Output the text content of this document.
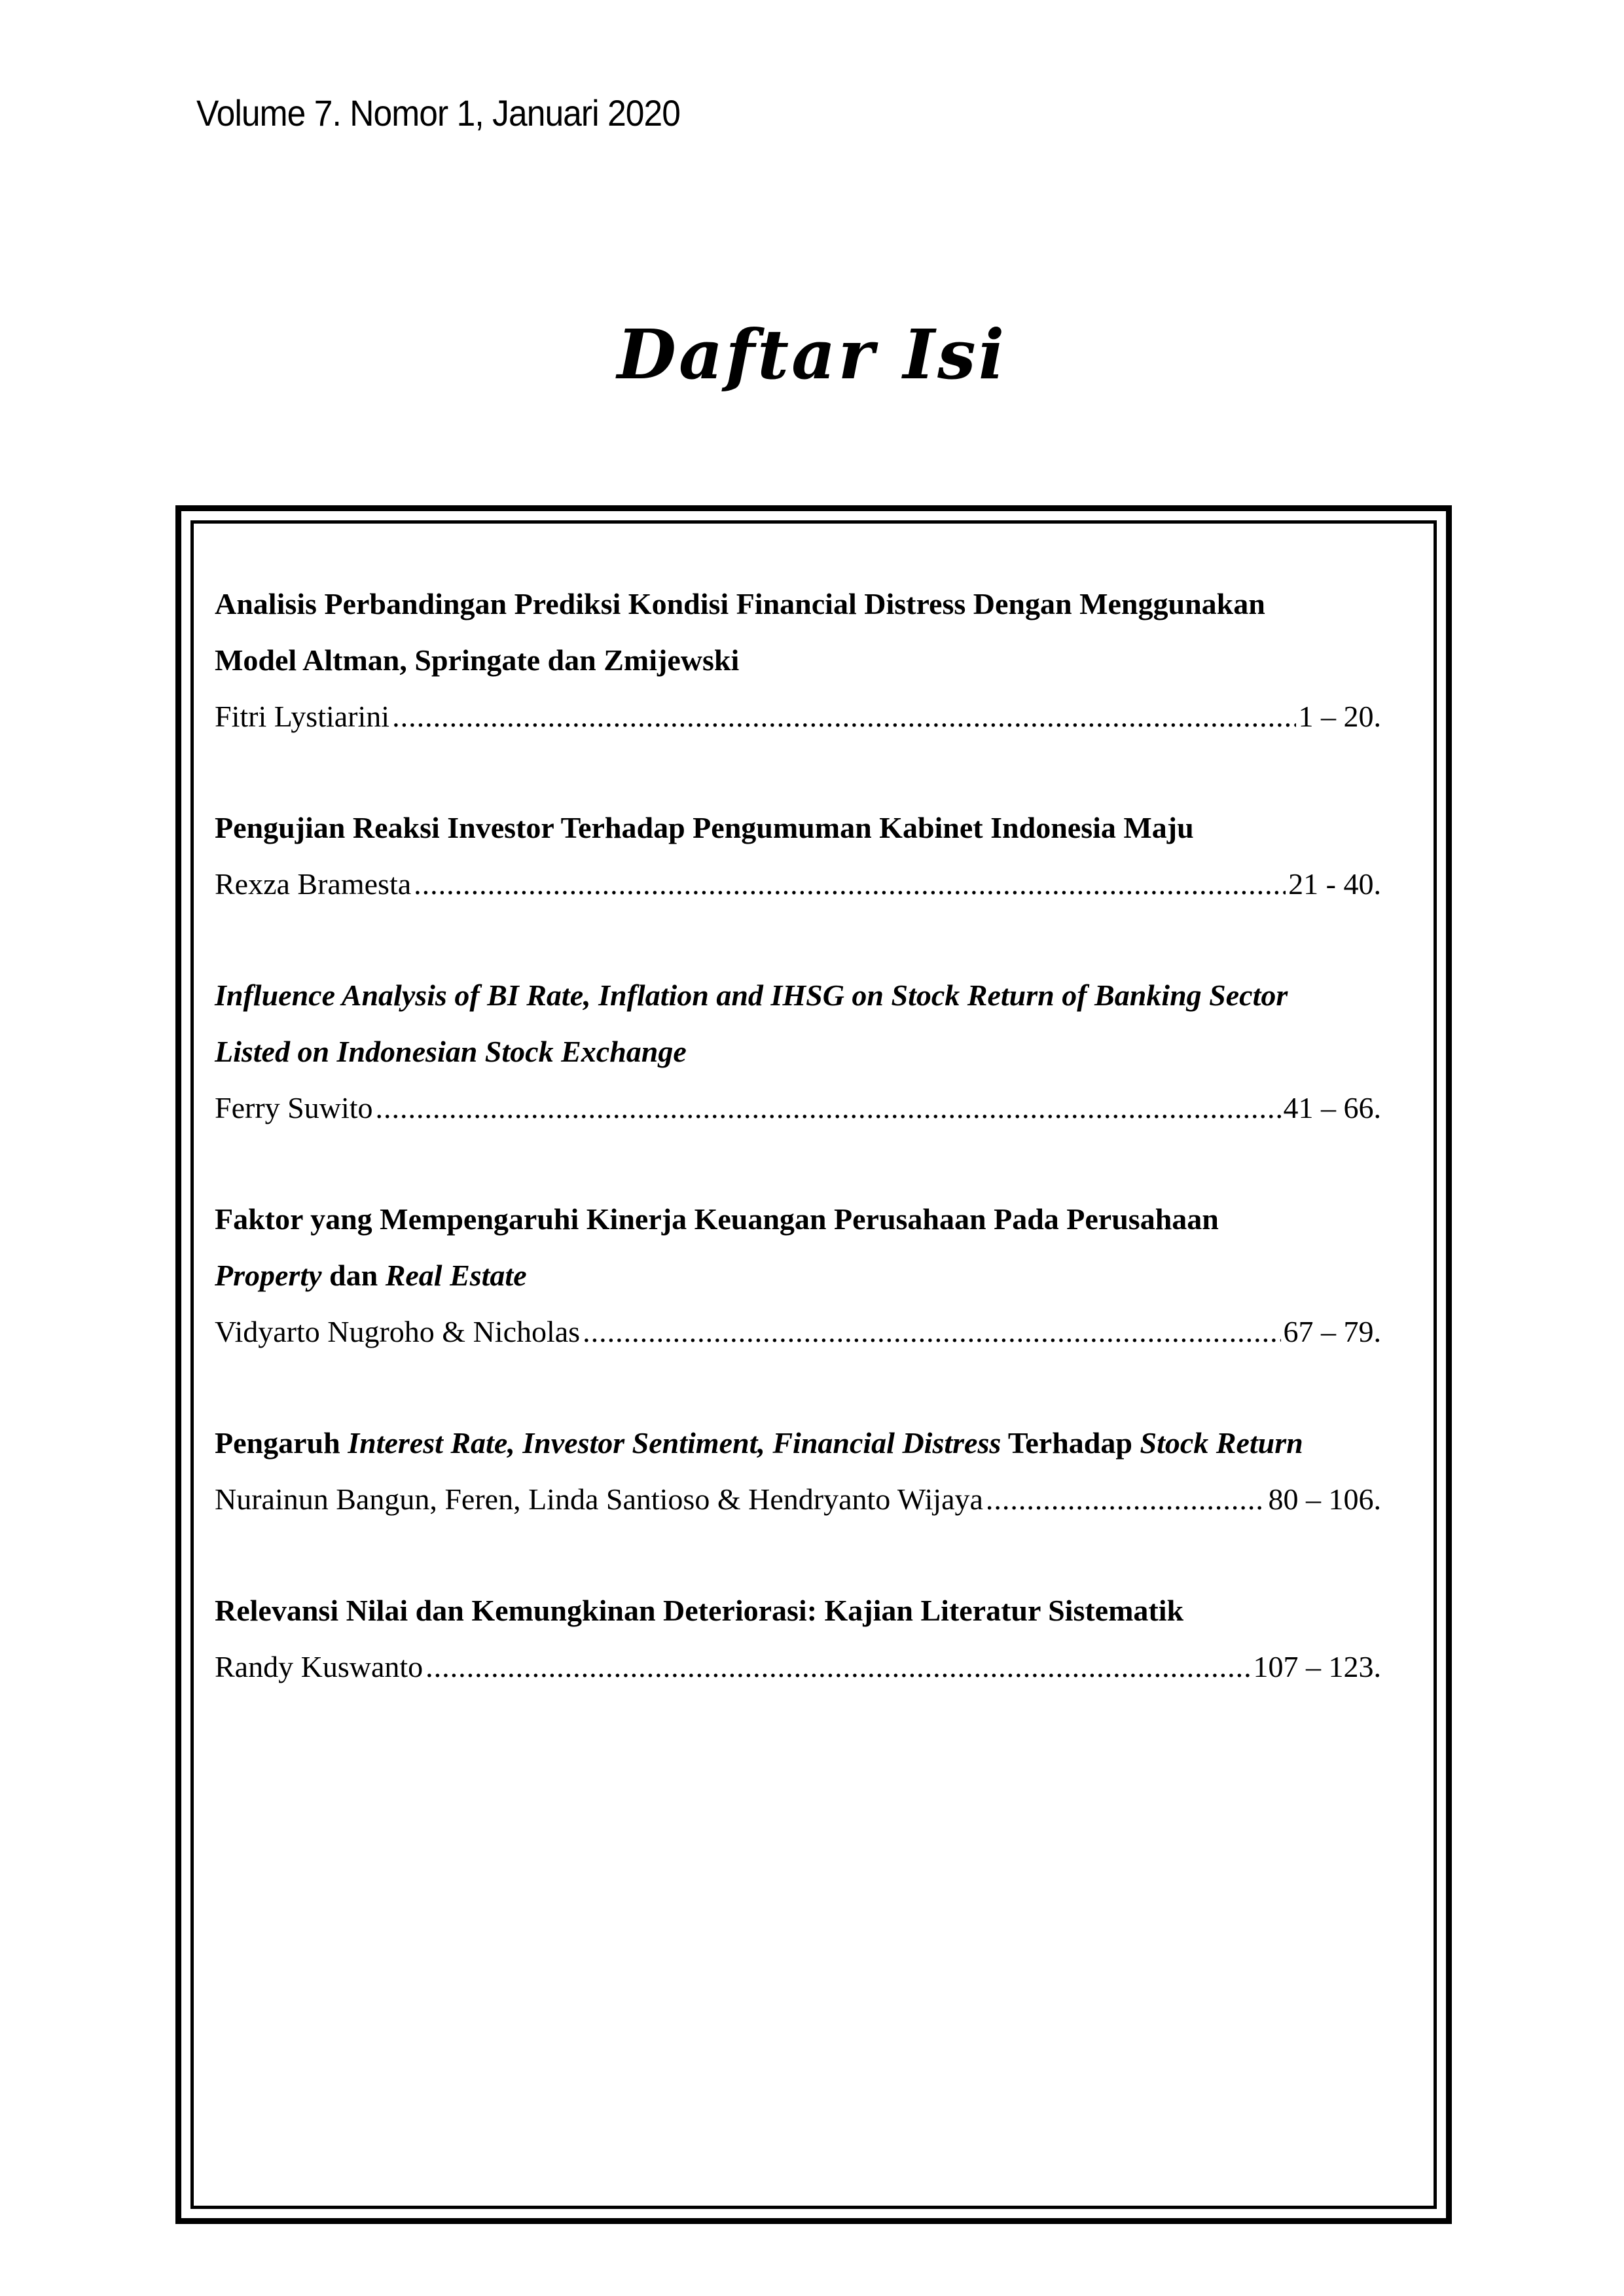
Volume 7. Nomor 1, Januari 2020
Daftar Isi
Analisis Perbandingan Prediksi Kondisi Financial Distress Dengan Menggunakan
Model Altman, Springate dan Zmijewski
Fitri Lystiarini .....	1 – 20.
Pengujian Reaksi Investor Terhadap Pengumuman Kabinet Indonesia Maju
Rexza Bramesta .....	21 - 40.
Influence Analysis of BI Rate, Inflation and IHSG on Stock Return of Banking Sector
Listed on Indonesian Stock Exchange
Ferry Suwito .....	41 – 66.
Faktor yang Mempengaruhi Kinerja Keuangan Perusahaan Pada Perusahaan
Property dan Real Estate
Vidyarto Nugroho & Nicholas .....	67 – 79.
Pengaruh Interest Rate, Investor Sentiment, Financial Distress Terhadap Stock Return
Nurainun Bangun, Feren, Linda Santioso & Hendryanto Wijaya .....	80 – 106.
Relevansi Nilai dan Kemungkinan Deteriorasi: Kajian Literatur Sistematik
Randy Kuswanto .....	107 – 123.
